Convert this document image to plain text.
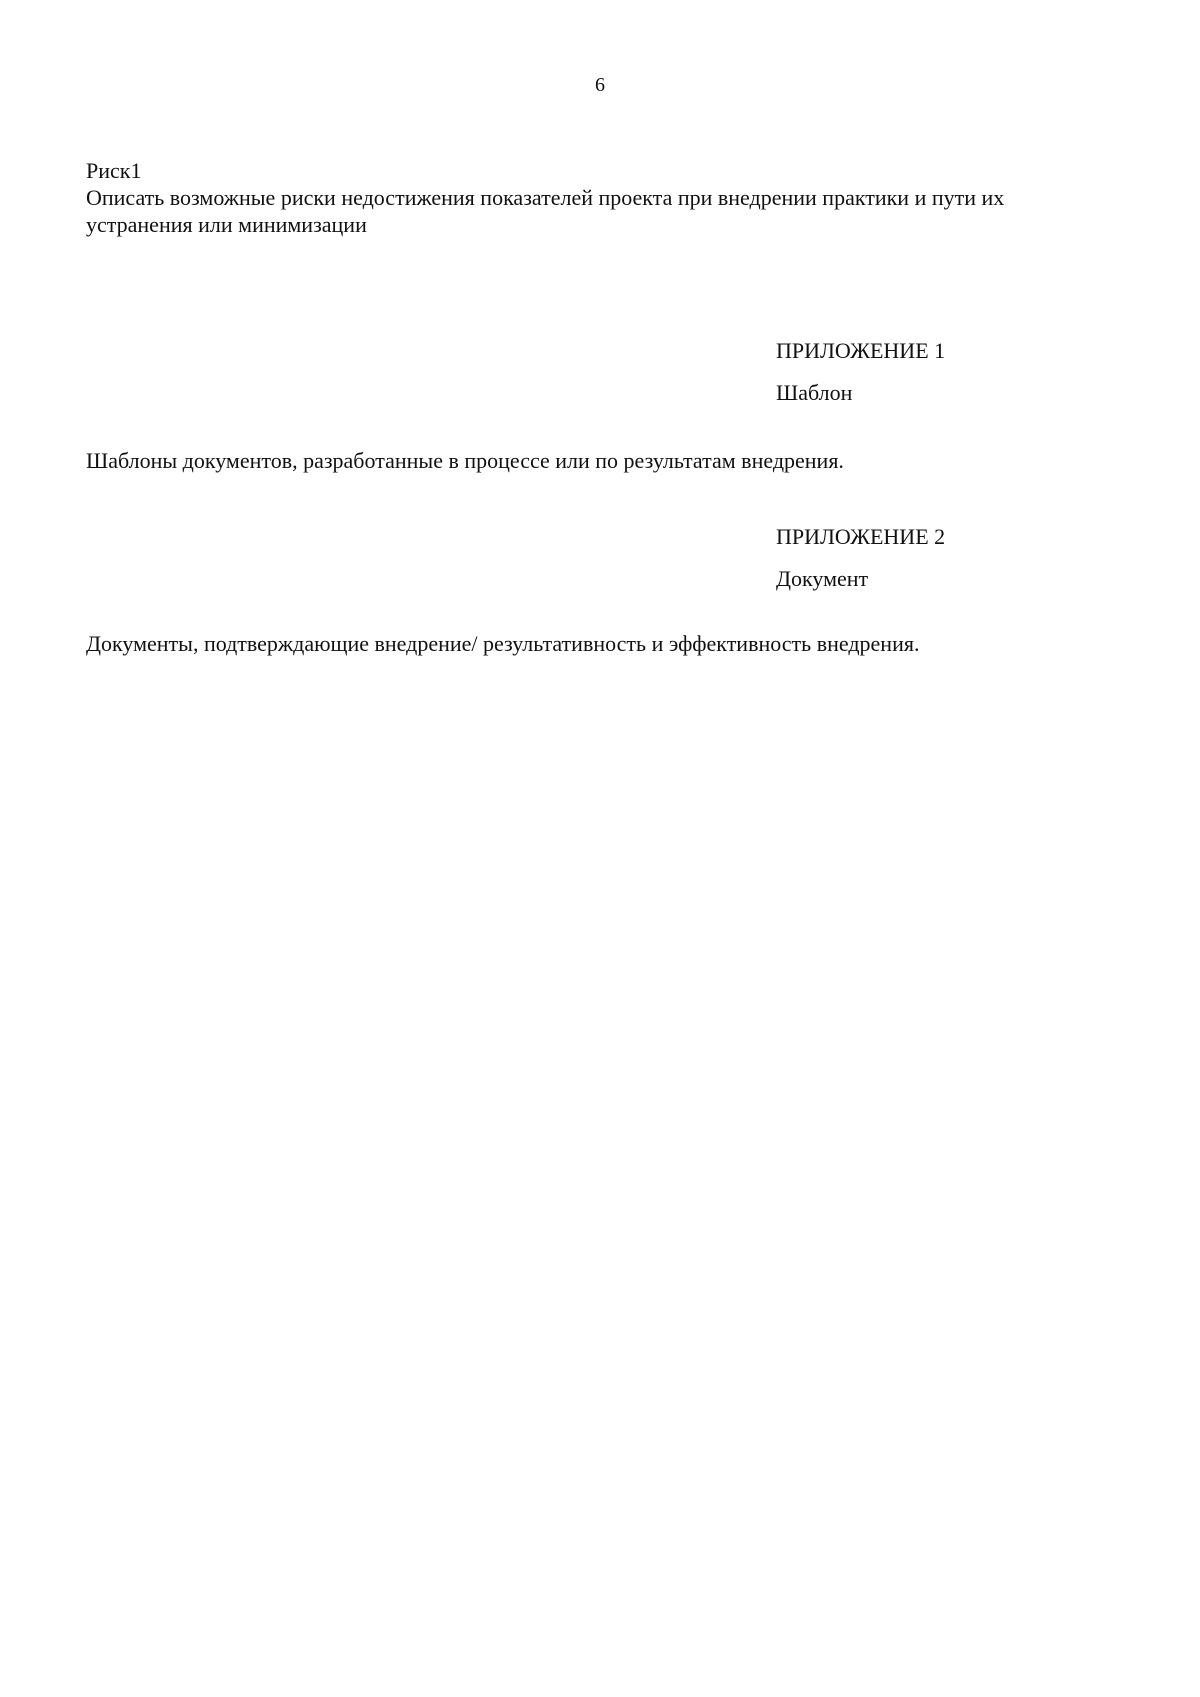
6

Риск1

Описать возможные риски недостижения показателей проекта при внедрении практики и пути их устранения или минимизации

ПРИЛОЖЕНИЕ 1
Шаблон

Шаблоны документов, разработанные в процессе или по результатам внедрения.

ПРИЛОЖЕНИЕ 2
Документ

Документы, подтверждающие внедрение/ результативность и эффективность внедрения.
